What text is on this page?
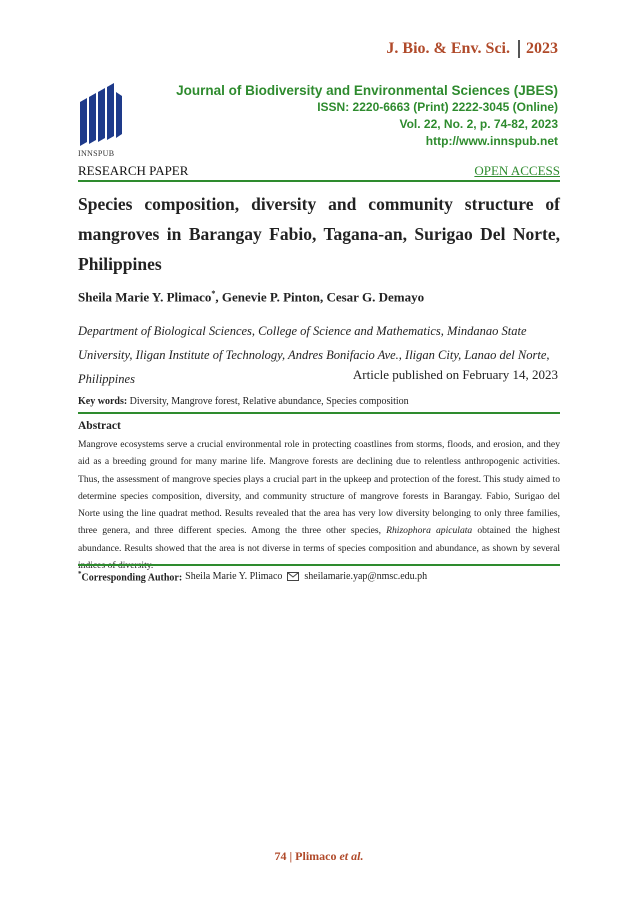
J. Bio. & Env. Sci.	2023
INNSPUB
Journal of Biodiversity and Environmental Sciences (JBES)
ISSN: 2220-6663 (Print) 2222-3045 (Online)
Vol. 22, No. 2, p. 74-82, 2023
http://www.innspub.net
RESEARCH PAPER	OPEN ACCESS
Species composition, diversity and community structure of mangroves in Barangay Fabio, Tagana-an, Surigao Del Norte, Philippines
Sheila Marie Y. Plimaco*, Genevie P. Pinton, Cesar G. Demayo
Department of Biological Sciences, College of Science and Mathematics, Mindanao State University, Iligan Institute of Technology, Andres Bonifacio Ave., Iligan City, Lanao del Norte, Philippines	Article published on February 14, 2023
Key words: Diversity, Mangrove forest, Relative abundance, Species composition
Abstract
Mangrove ecosystems serve a crucial environmental role in protecting coastlines from storms, floods, and erosion, and they aid as a breeding ground for many marine life. Mangrove forests are declining due to relentless anthropogenic activities. Thus, the assessment of mangrove species plays a crucial part in the upkeep and protection of the forest. This study aimed to determine species composition, diversity, and community structure of mangrove forests in Barangay. Fabio, Surigao del Norte using the line quadrat method. Results revealed that the area has very low diversity belonging to only three families, three genera, and three different species. Among the three other species, Rhizophora apiculata obtained the highest abundance. Results showed that the area is not diverse in terms of species composition and abundance, as shown by several
*Corresponding Author: Sheila Marie Y. Plimaco sheilamarie.yap@nmsc.edu.ph
74 | Plimaco et al.
